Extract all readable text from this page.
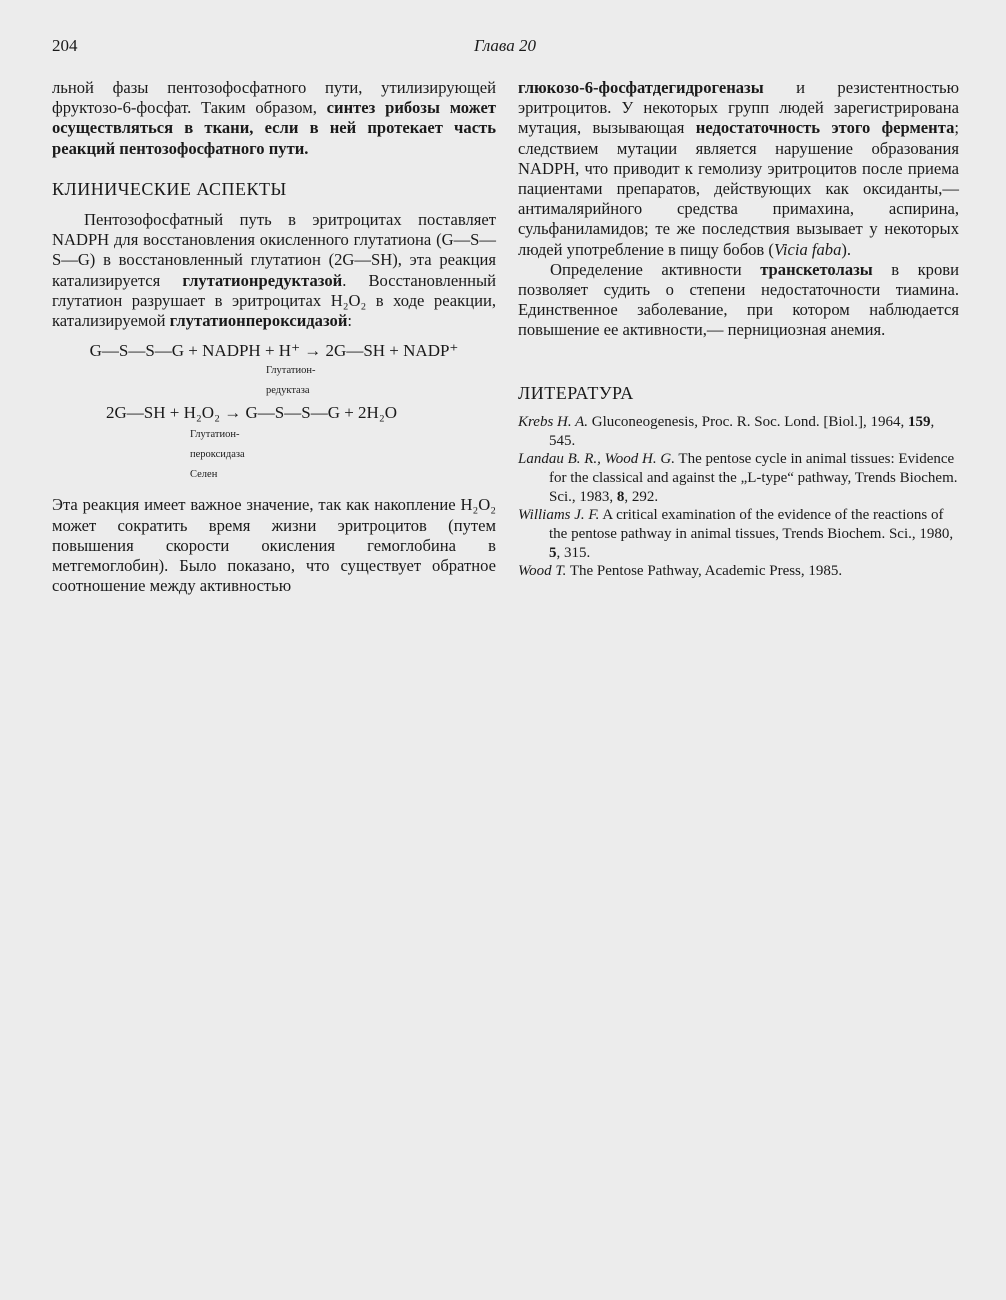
204	Глава 20

льной фазы пентозофосфатного пути, утилизирующей фруктозо-6-фосфат. Таким образом, синтез рибозы может осуществляться в ткани, если в ней протекает часть реакций пентозофосфатного пути.

КЛИНИЧЕСКИЕ АСПЕКТЫ

Пентозофосфатный путь в эритроцитах поставляет NADPH для восстановления окисленного глутатиона (G—S—S—G) в восстановленный глутатион (2G—SH), эта реакция катализируется глутатионредуктазой. Восстановленный глутатион разрушает в эритроцитах H₂O₂ в ходе реакции, катализируемой глутатионпероксидазой:

G—S—S—G + NADPH + H⁺ → 2G—SH + NADP⁺
Глутатион-
редуктаза
2G—SH + H₂O₂ → G—S—S—G + 2H₂O
Глутатион-
пероксидаза
Селен

Эта реакция имеет важное значение, так как накопление H₂O₂ может сократить время жизни эритроцитов (путем повышения скорости окисления гемоглобина в метгемоглобин). Было показано, что существует обратное соотношение между активностью

глюкозо-6-фосфатдегидрогеназы и резистентностью эритроцитов. У некоторых групп людей зарегистрирована мутация, вызывающая недостаточность этого фермента; следствием мутации является нарушение образования NADPH, что приводит к гемолизу эритроцитов после приема пациентами препаратов, действующих как оксиданты,— антималярийного средства примахина, аспирина, сульфаниламидов; те же последствия вызывает у некоторых людей употребление в пищу бобов (Vicia faba).

Определение активности транскетолазы в крови позволяет судить о степени недостаточности тиамина. Единственное заболевание, при котором наблюдается повышение ее активности,— пернициозная анемия.

ЛИТЕРАТУРА

Krebs H. A. Gluconeogenesis, Proc. R. Soc. Lond. [Biol.], 1964, 159, 545.

Landau B. R., Wood H. G. The pentose cycle in animal tissues: Evidence for the classical and against the „L-type“ pathway, Trends Biochem. Sci., 1983, 8, 292.

Williams J. F. A critical examination of the evidence of the reactions of the pentose pathway in animal tissues, Trends Biochem. Sci., 1980, 5, 315.

Wood T. The Pentose Pathway, Academic Press, 1985.
